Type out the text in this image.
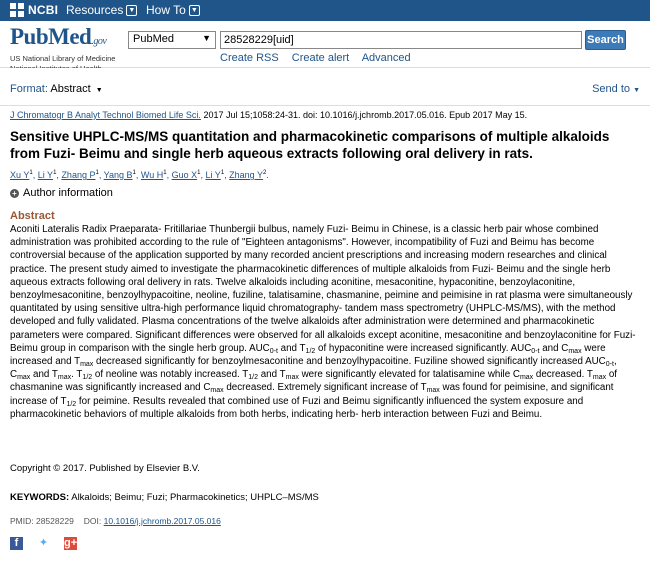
NCBI Resources ▼ How To ▼
PubMed.gov
US National Library of Medicine
PubMed	▼
28528229[uid]	Search
Create RSS Create alert Advanced
Format: Abstract ▼	Send to ▼
J Chromatogr B Analyt Technol Biomed Life Sci. 2017 Jul 15;1058:24-31. doi: 10.1016/j.jchromb.2017.05.016. Epub 2017 May 15.
Sensitive UHPLC-MS/MS quantitation and pharmacokinetic comparisons of multiple alkaloids from Fuzi- Beimu and single herb aqueous extracts following oral delivery in rats.
Xu $Y^1$, Li $Y^1$, Zhang $P^1$, Yang $B^1$, Wu $H^1$, Guo $X^1$, Li $Y^1$, Zhang $Y^2$.
+ Author information
Abstract
Aconiti Lateralis Radix Praeparata- Fritillariae Thunbergii bulbus, namely Fuzi- Beimu in Chinese, is a classic herb pair whose combined administration was prohibited according to the rule of "Eighteen antagonisms". However, incompatibility of Fuzi and Beimu has become controversial because of the application supported by many recorded ancient prescriptions and increasing modern researches and clinical practice. The present study aimed to investigate the pharmacokinetic differences of multiple alkaloids from Fuzi- Beimu and the single herb aqueous extracts following oral delivery in rats. Twelve alkaloids including aconitine, mesaconitine, hypaconitine, benzoylaconitine, benzoylmesaconitine, benzoylhypacoitine, neoline, fuziline, talatisamine, chasmanine, peimine and peimisine in rat plasma were simultaneously quantitated by using sensitive ultra-high performance liquid chromatography- tandem mass spectrometry (UHPLC-MS/MS), with the method developed and fully validated. Plasma concentrations of the twelve alkaloids after administration were determined and pharmacokinetic parameters were compared. Significant differences were observed for all alkaloids except aconitine, mesaconitine and benzoylaconitine for Fuzi- Beimu group in comparison with the single herb group. $AUC_{0-t}$ and $T_{1/2}$ of hypaconitine were increased significantly. $AUC_{0-t}$ and $C_{max}$ were increased and $T_{max}$ decreased significantly for benzoylmesaconitine and benzoylhypacoitine. Fuziline showed significantly increased $AUC_{0-t}$, $C_{max}$ and $T_{max}$. $T_{1/2}$ of neoline was notably increased. $T_{1/2}$ and $T_{max}$ were significantly elevated for talatisamine while $C_{max}$ decreased. $T_{max}$ of chasmanine was significantly increased and $C_{max}$ decreased. Extremely significant increase of $T_{max}$ was found for peimisine, and significant increase of $T_{1/2}$ for peimine. Results revealed that combined use of Fuzi and Beimu significantly influenced the system exposure and pharmacokinetic behaviors of multiple alkaloids from both herbs, indicating herb- herb interaction between Fuzi and Beimu.
Copyright © 2017. Published by Elsevier B.V.
KEYWORDS: Alkaloids; Beimu; Fuzi; Pharmacokinetics; UHPLC–MS/MS
PMID: 28528229 DOI: 10.1016/j.jchromb.2017.05.016
f	✦ g+
